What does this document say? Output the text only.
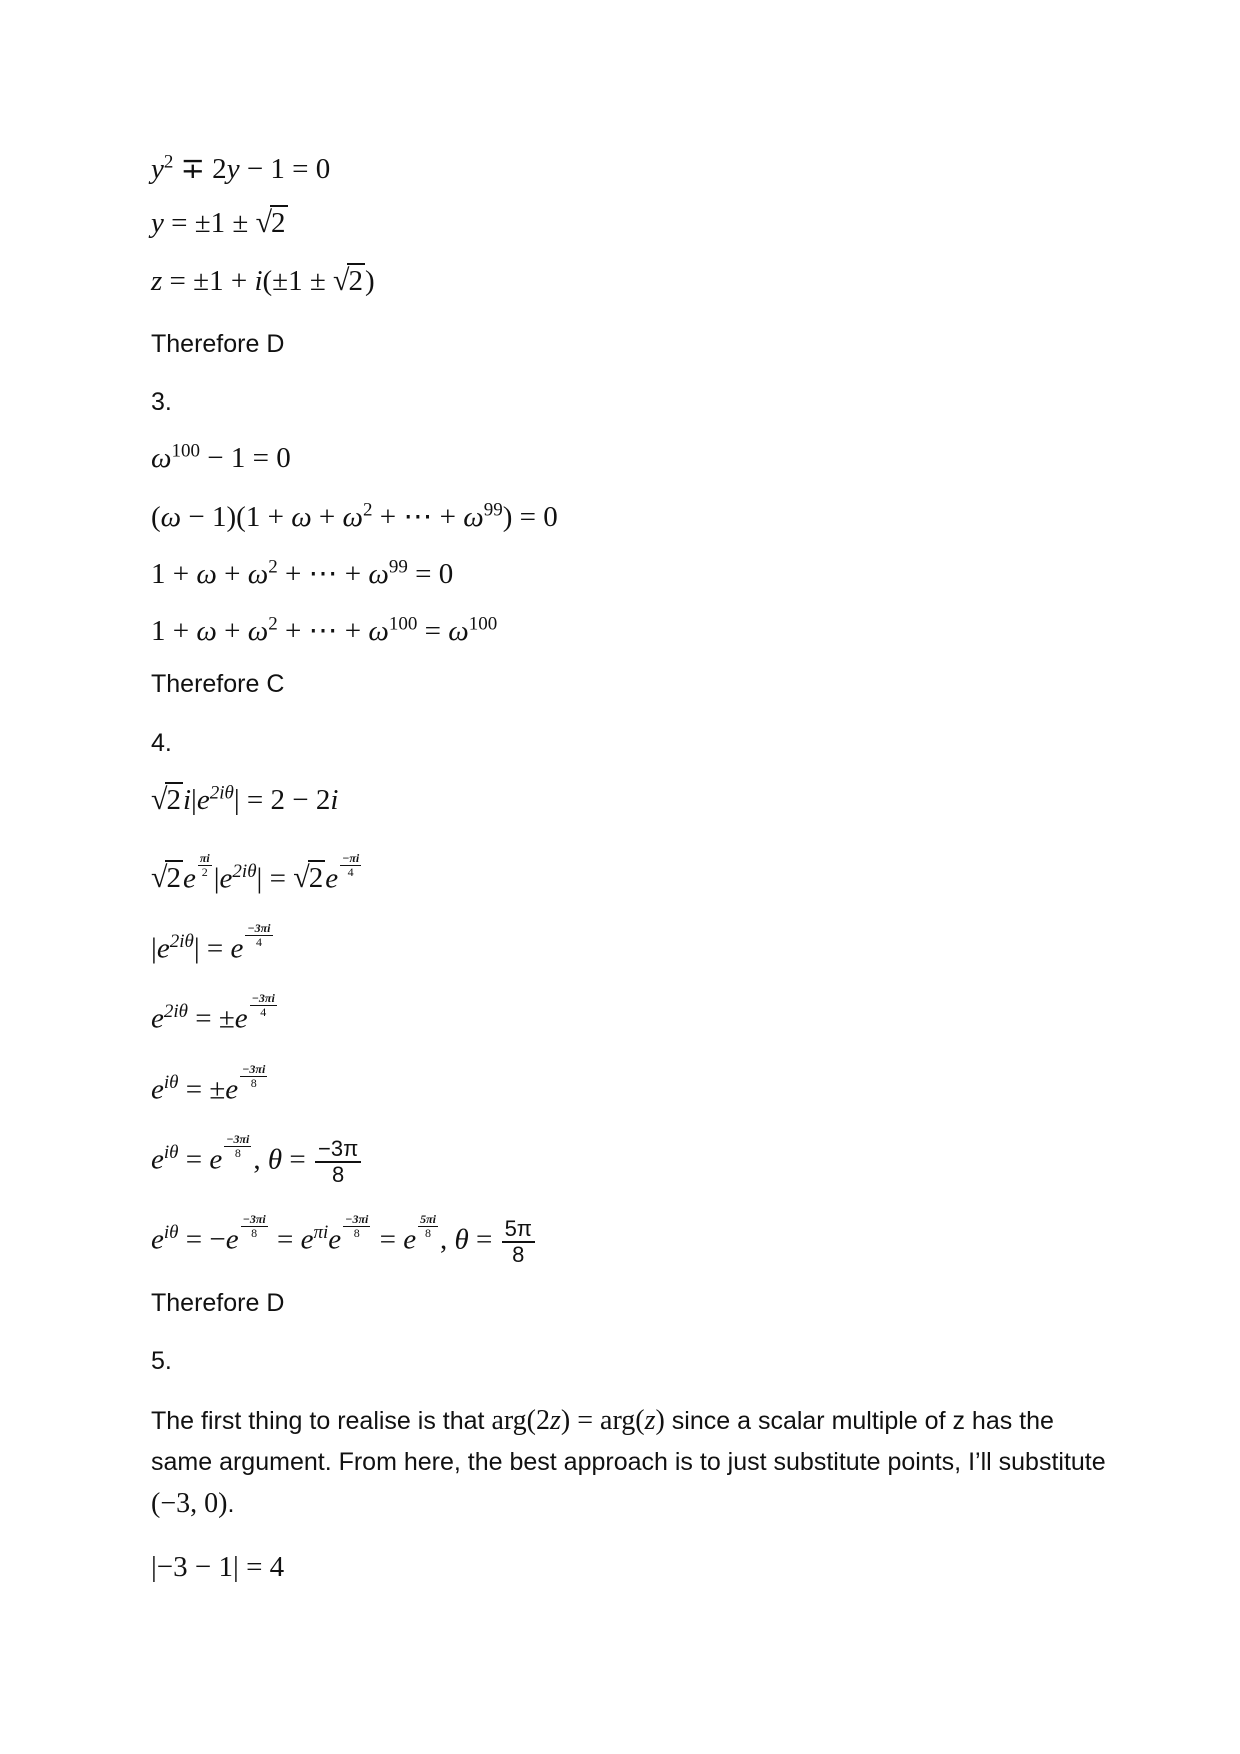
$y^2 \mp 2y - 1 = 0$
y = ±1 ± √2
z = ±1 + i(±1 ± √2)
Therefore D
3.
$\omega^{100} - 1 = 0$
$(\omega - 1)(1 + \omega + \omega^2$ + ⋯ + $\omega^{99}) = 0$
$1 + \omega + \omega^2$ + ⋯ + $\omega^{99} = 0$
$1 + \omega + \omega^2$ + ⋯ + $\omega^{100} = \omega^{100}$
Therefore C
4.
$√2i|e^{2i\theta}| = 2 - 2i$
$√2e \frac{\pi i}{2} |e^{2i\theta}| = √2e \frac{-\pi i}{4}$
$|e^{2i\theta}| = e \frac{-3\pi i}{4}$
$e^{2i\theta} = \pm e \frac{-3\pi i}{4}$
$e^{i\theta} = \pm e \frac{-3\pi i}{8}$
$e^{i\theta} = e \frac{-3\pi i}{8}$ , $\theta = \frac{-3\pi}{8}$
$e^{i\theta} = -e \frac{-3\pi i}{8} = e^{\pi i}e \frac{-3\pi i}{8} = e \frac{5\pi i}{8}$ , $\theta = \frac{5\pi}{8}$
Therefore D
5.
The first thing to realise is that arg(2z) = arg(z) since a scalar multiple of z has the same argument. From here, the best approach is to just substitute points, I’ll substitute (−3, 0).
|−3 − 1| = 4
